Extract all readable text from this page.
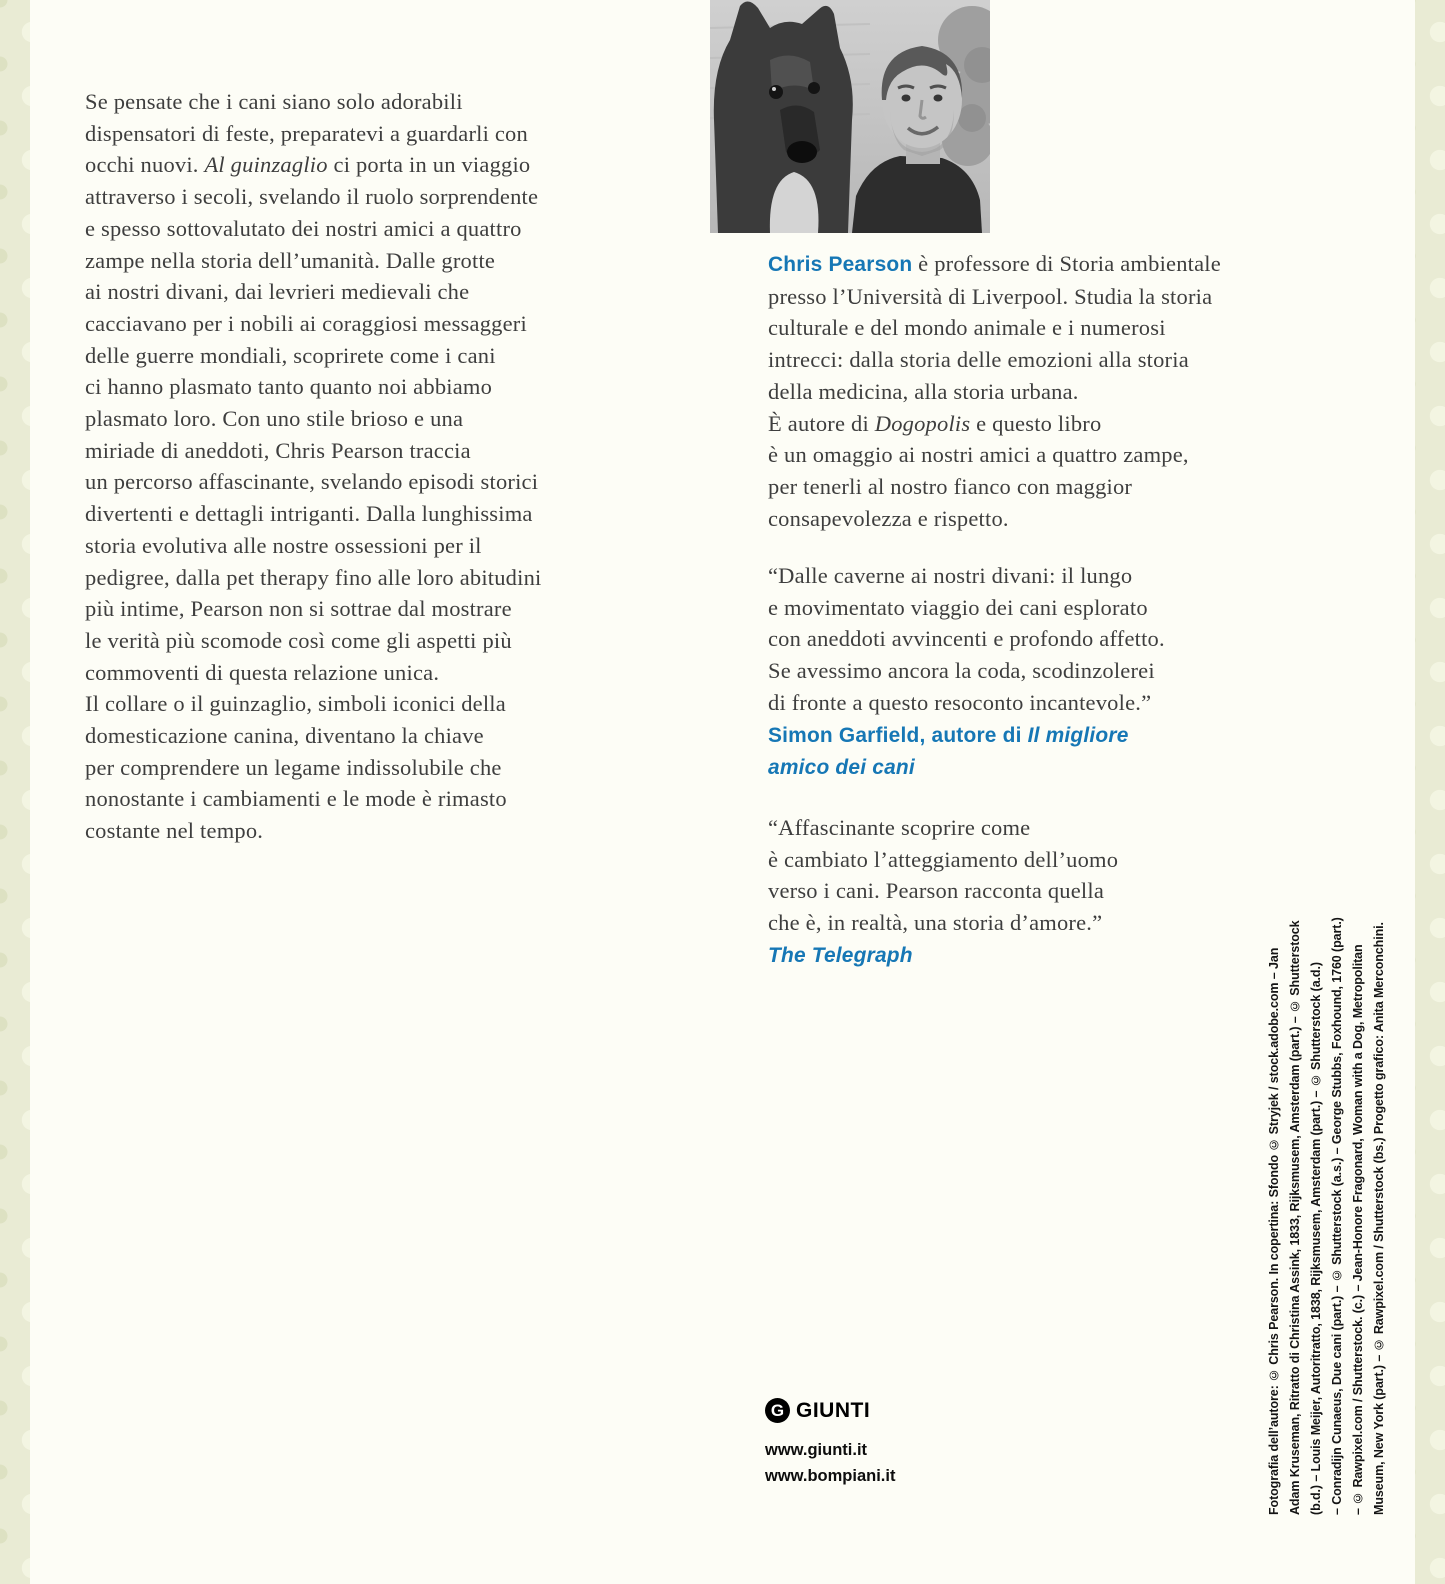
Se pensate che i cani siano solo adorabili
dispensatori di feste, preparatevi a guardarli con
occhi nuovi. Al guinzaglio ci porta in un viaggio
attraverso i secoli, svelando il ruolo sorprendente
e spesso sottovalutato dei nostri amici a quattro
zampe nella storia dell’umanità. Dalle grotte
ai nostri divani, dai levrieri medievali che
cacciavano per i nobili ai coraggiosi messaggeri
delle guerre mondiali, scoprirete come i cani
ci hanno plasmato tanto quanto noi abbiamo
plasmato loro. Con uno stile brioso e una
miriade di aneddoti, Chris Pearson traccia
un percorso affascinante, svelando episodi storici
divertenti e dettagli intriganti. Dalla lunghissima
storia evolutiva alle nostre ossessioni per il
pedigree, dalla pet therapy fino alle loro abitudini
più intime, Pearson non si sottrae dal mostrare
le verità più scomode così come gli aspetti più
commoventi di questa relazione unica.
Il collare o il guinzaglio, simboli iconici della
domesticazione canina, diventano la chiave
per comprendere un legame indissolubile che
nonostante i cambiamenti e le mode è rimasto
costante nel tempo.
Chris Pearson è professore di Storia ambientale
presso l’Università di Liverpool. Studia la storia
culturale e del mondo animale e i numerosi
intrecci: dalla storia delle emozioni alla storia
della medicina, alla storia urbana.
È autore di Dogopolis e questo libro
è un omaggio ai nostri amici a quattro zampe,
per tenerli al nostro fianco con maggior
consapevolezza e rispetto.
“Dalle caverne ai nostri divani: il lungo
e movimentato viaggio dei cani esplorato
con aneddoti avvincenti e profondo affetto.
Se avessimo ancora la coda, scodinzolerei
di fronte a questo resoconto incantevole.”
Simon Garfield, autore di Il migliore
amico dei cani
“Affascinante scoprire come
è cambiato l’atteggiamento dell’uomo
verso i cani. Pearson racconta quella
che è, in realtà, una storia d’amore.”
The Telegraph
G GIUNTI
www.giunti.it
www.bompiani.it	Fotografia dell’autore: © Chris Pearson. In copertina: Sfondo © Stryjek / stock.adobe.com – Jan Adam Kruseman, Ritratto di Christina Assink, 1833, Rijksmusem, Amsterdam (part.) – © Shutterstock (b.d.) – Louis Meijer, Autoritratto, 1838, Rijksmusem, Amsterdam (part.) – © Shutterstock (a.d.) – Conradijn Cunaeus, Due cani (part.) – © Shutterstock (a.s.) – George Stubbs, Foxhound, 1760 (part.) – © Rawpixel.com / Shutterstock. (c.) – Jean-Honore Fragonard, Woman with a Dog, Metropolitan Museum, New York (part.) – © Rawpixel.com / Shutterstock (bs.) Progetto grafico: Anita Merconchini.
